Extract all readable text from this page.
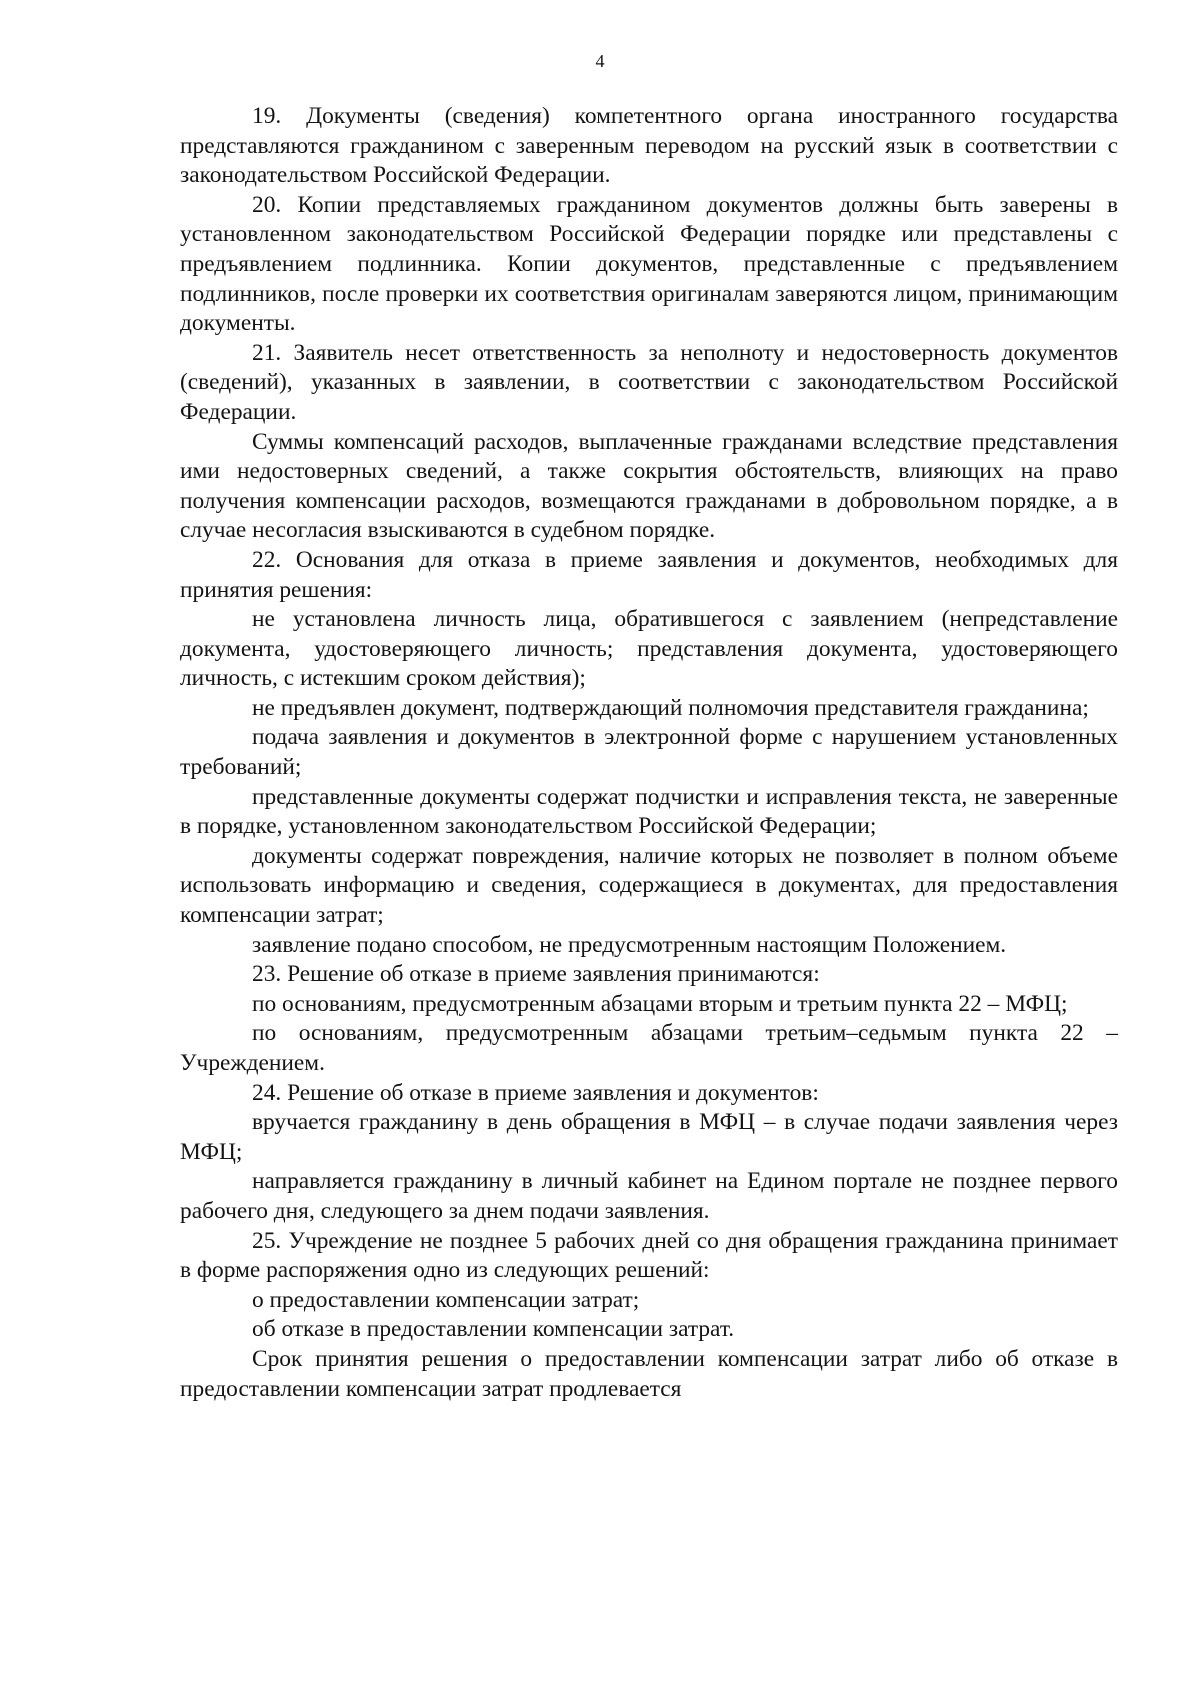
4

19. Документы (сведения) компетентного органа иностранного государства представляются гражданином с заверенным переводом на русский язык в соответствии с законодательством Российской Федерации.

20. Копии представляемых гражданином документов должны быть заверены в установленном законодательством Российской Федерации порядке или представлены с предъявлением подлинника. Копии документов, представленные с предъявлением подлинников, после проверки их соответствия оригиналам заверяются лицом, принимающим документы.

21. Заявитель несет ответственность за неполноту и недостоверность документов (сведений), указанных в заявлении, в соответствии с законодательством Российской Федерации.

Суммы компенсаций расходов, выплаченные гражданами вследствие представления ими недостоверных сведений, а также сокрытия обстоятельств, влияющих на право получения компенсации расходов, возмещаются гражданами в добровольном порядке, а в случае несогласия взыскиваются в судебном порядке.

22. Основания для отказа в приеме заявления и документов, необходимых для принятия решения:

не установлена личность лица, обратившегося с заявлением (непредставление документа, удостоверяющего личность; представления документа, удостоверяющего личность, с истекшим сроком действия);

не предъявлен документ, подтверждающий полномочия представителя гражданина;

подача заявления и документов в электронной форме с нарушением установленных требований;

представленные документы содержат подчистки и исправления текста, не заверенные в порядке, установленном законодательством Российской Федерации;

документы содержат повреждения, наличие которых не позволяет в полном объеме использовать информацию и сведения, содержащиеся в документах, для предоставления компенсации затрат;

заявление подано способом, не предусмотренным настоящим Положением.

23. Решение об отказе в приеме заявления принимаются:

по основаниям, предусмотренным абзацами вторым и третьим пункта 22 – МФЦ;

по основаниям, предусмотренным абзацами третьим–седьмым пункта 22 – Учреждением.

24. Решение об отказе в приеме заявления и документов:

вручается гражданину в день обращения в МФЦ – в случае подачи заявления через МФЦ;

направляется гражданину в личный кабинет на Едином портале не позднее первого рабочего дня, следующего за днем подачи заявления.

25. Учреждение не позднее 5 рабочих дней со дня обращения гражданина принимает в форме распоряжения одно из следующих решений:

о предоставлении компенсации затрат;

об отказе в предоставлении компенсации затрат.

Срок принятия решения о предоставлении компенсации затрат либо об отказе в предоставлении компенсации затрат продлевается
